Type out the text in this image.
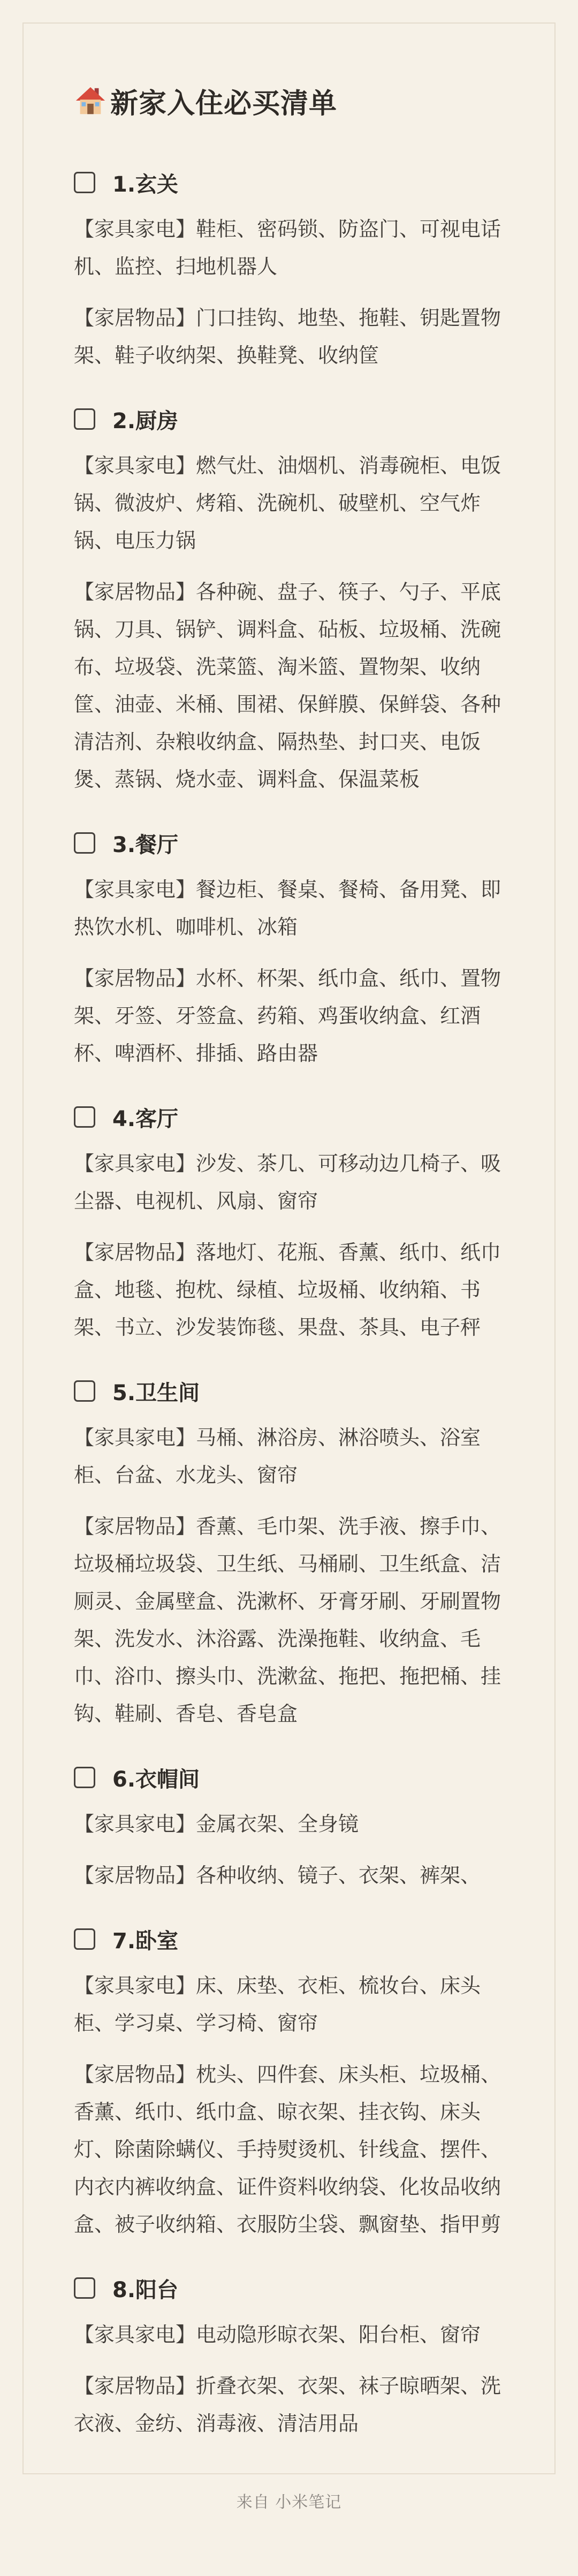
新家入住必买清单
1.玄关

【家具家电】鞋柜、密码锁、防盗门、可视电话机、监控、扫地机器人

【家居物品】门口挂钩、地垫、拖鞋、钥匙置物架、鞋子收纳架、换鞋凳、收纳筐

2.厨房

【家具家电】燃气灶、油烟机、消毒碗柜、电饭锅、微波炉、烤箱、洗碗机、破壁机、空气炸锅、电压力锅

【家居物品】各种碗、盘子、筷子、勺子、平底锅、刀具、锅铲、调料盒、砧板、垃圾桶、洗碗布、垃圾袋、洗菜篮、淘米篮、置物架、收纳筐、油壶、米桶、围裙、保鲜膜、保鲜袋、各种清洁剂、杂粮收纳盒、隔热垫、封口夹、电饭煲、蒸锅、烧水壶、调料盒、保温菜板

3.餐厅

【家具家电】餐边柜、餐桌、餐椅、备用凳、即热饮水机、咖啡机、冰箱

【家居物品】水杯、杯架、纸巾盒、纸巾、置物架、牙签、牙签盒、药箱、鸡蛋收纳盒、红酒杯、啤酒杯、排插、路由器

4.客厅

【家具家电】沙发、茶几、可移动边几椅子、吸尘器、电视机、风扇、窗帘

【家居物品】落地灯、花瓶、香薰、纸巾、纸巾盒、地毯、抱枕、绿植、垃圾桶、收纳箱、书架、书立、沙发装饰毯、果盘、茶具、电子秤

5.卫生间

【家具家电】马桶、淋浴房、淋浴喷头、浴室柜、台盆、水龙头、窗帘

【家居物品】香薰、毛巾架、洗手液、擦手巾、垃圾桶垃圾袋、卫生纸、马桶刷、卫生纸盒、洁厕灵、金属壁盒、洗漱杯、牙膏牙刷、牙刷置物架、洗发水、沐浴露、洗澡拖鞋、收纳盒、毛巾、浴巾、擦头巾、洗漱盆、拖把、拖把桶、挂钩、鞋刷、香皂、香皂盒

6.衣帽间

【家具家电】金属衣架、全身镜

【家居物品】各种收纳、镜子、衣架、裤架、

7.卧室

【家具家电】床、床垫、衣柜、梳妆台、床头柜、学习桌、学习椅、窗帘

【家居物品】枕头、四件套、床头柜、垃圾桶、香薰、纸巾、纸巾盒、晾衣架、挂衣钩、床头灯、除菌除螨仪、手持熨烫机、针线盒、摆件、内衣内裤收纳盒、证件资料收纳袋、化妆品收纳盒、被子收纳箱、衣服防尘袋、飘窗垫、指甲剪

8.阳台

【家具家电】电动隐形晾衣架、阳台柜、窗帘

【家居物品】折叠衣架、衣架、袜子晾晒架、洗衣液、金纺、消毒液、清洁用品

来自 小米笔记
